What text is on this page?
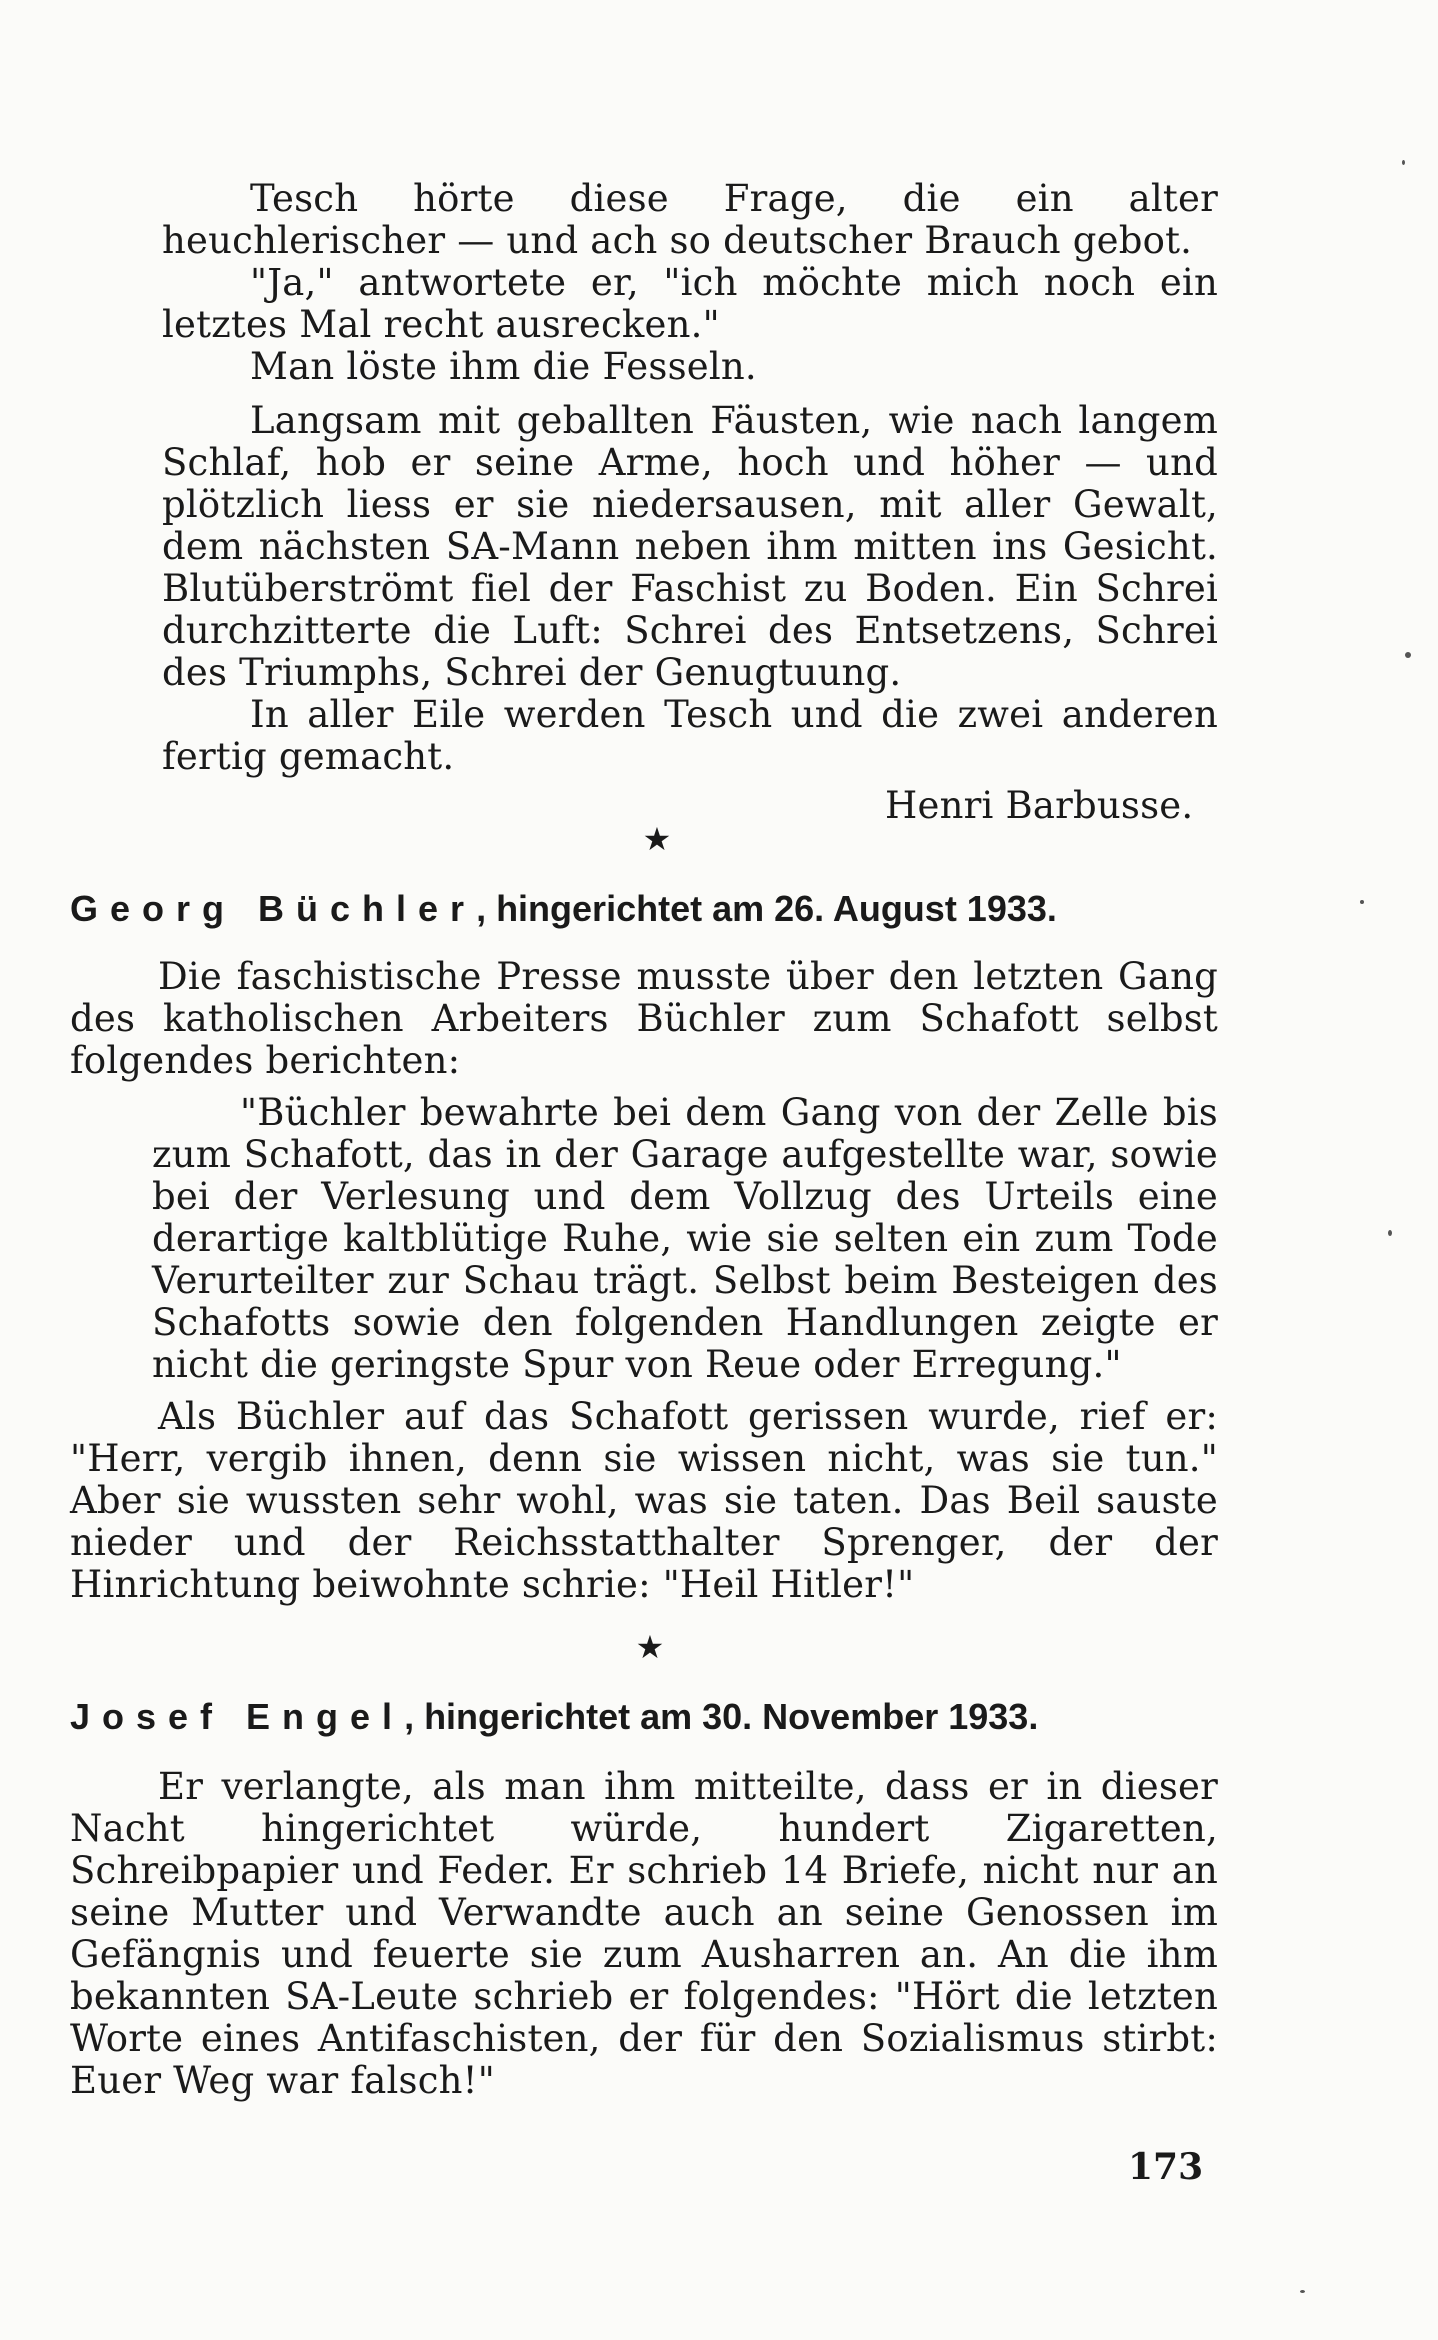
Tesch hörte diese Frage, die ein alter heuchlerischer — und ach so deutscher Brauch gebot.

"Ja," antwortete er, "ich möchte mich noch ein letztes Mal recht ausrecken."

Man löste ihm die Fesseln.

Langsam mit geballten Fäusten, wie nach langem Schlaf, hob er seine Arme, hoch und höher — und plötzlich liess er sie niedersausen, mit aller Gewalt, dem nächsten SA-Mann neben ihm mitten ins Gesicht. Blutüberströmt fiel der Faschist zu Boden. Ein Schrei durchzitterte die Luft: Schrei des Entsetzens, Schrei des Triumphs, Schrei der Genugtuung.

In aller Eile werden Tesch und die zwei anderen fertig gemacht.

Henri Barbusse.
★
Georg Büchler, hingerichtet am 26. August 1933.

Die faschistische Presse musste über den letzten Gang des katholischen Arbeiters Büchler zum Schafott selbst folgendes berichten:

"Büchler bewahrte bei dem Gang von der Zelle bis zum Schafott, das in der Garage aufgestellte war, sowie bei der Verlesung und dem Vollzug des Urteils eine derartige kaltblütige Ruhe, wie sie selten ein zum Tode Verurteilter zur Schau trägt. Selbst beim Besteigen des Schafotts sowie den folgenden Handlungen zeigte er nicht die geringste Spur von Reue oder Erregung."

Als Büchler auf das Schafott gerissen wurde, rief er: "Herr, vergib ihnen, denn sie wissen nicht, was sie tun." Aber sie wussten sehr wohl, was sie taten. Das Beil sauste nieder und der Reichsstatthalter Sprenger, der der Hinrichtung beiwohnte schrie: "Heil Hitler!"

★
Josef Engel, hingerichtet am 30. November 1933.

Er verlangte, als man ihm mitteilte, dass er in dieser Nacht hingerichtet würde, hundert Zigaretten, Schreibpapier und Feder. Er schrieb 14 Briefe, nicht nur an seine Mutter und Verwandte auch an seine Genossen im Gefängnis und feuerte sie zum Ausharren an. An die ihm bekannten SA-Leute schrieb er folgendes: "Hört die letzten Worte eines Antifaschisten, der für den Sozialismus stirbt: Euer Weg war falsch!"

173
